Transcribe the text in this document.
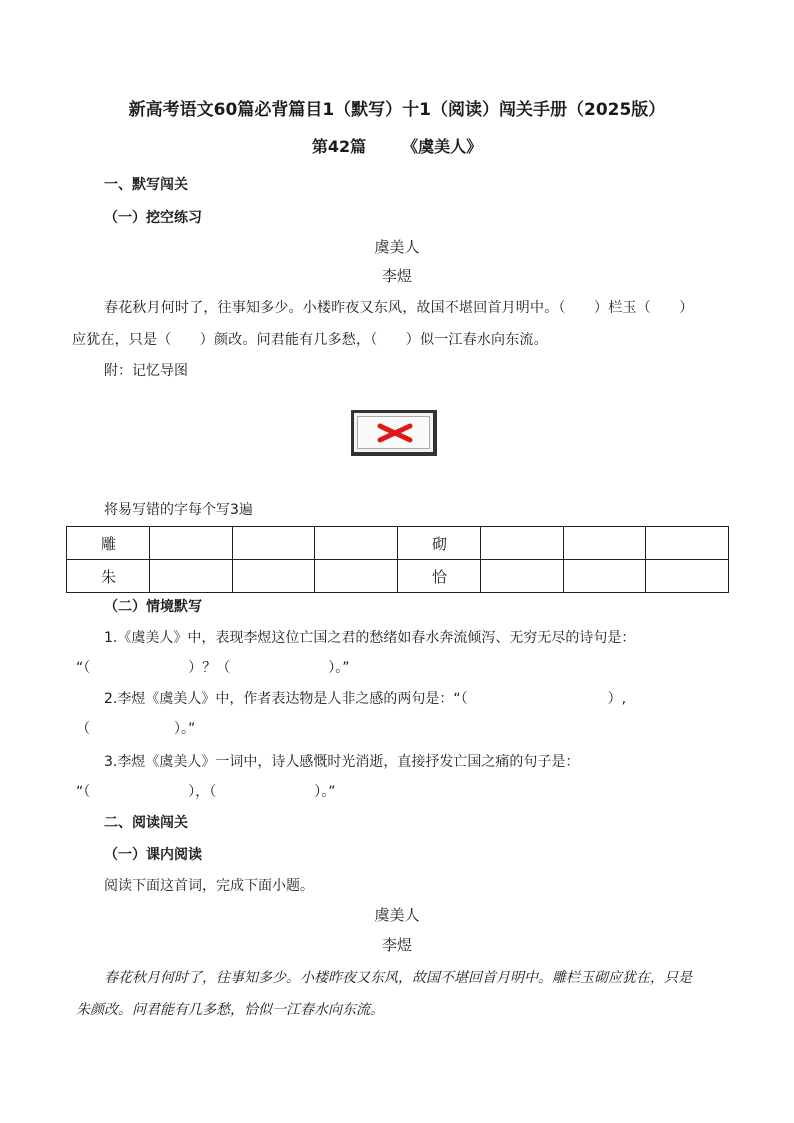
新高考语文60篇必背篇目1（默写）十1（阅读）闯关手册（2025版）
第42篇 《虞美人》
一、默写闯关
（一）挖空练习
虞美人
李煜
春花秋月何时了，往事知多少。小楼昨夜又东风，故国不堪回首月明中。（　　）栏玉（　　）
应犹在，只是（　　）颜改。问君能有几多愁，（　　）似一江春水向东流。
附：记忆导图
将易写错的字每个写3遍
雕				砌			
朱				恰			
（二）情境默写
1.《虞美人》中，表现李煜这位亡国之君的愁绪如春水奔流倾泻、无穷无尽的诗句是：
“（　　　　　　　）？（　　　　　　　）。”
2.李煜《虞美人》中，作者表达物是人非之感的两句是：“（　　　　　　　　　　）,
（　　　　　　）。”
3.李煜《虞美人》一词中，诗人感慨时光消逝，直接抒发亡国之痛的句子是：
“（　　　　　　　），（　　　　　　　）。”
二、阅读闯关
（一）课内阅读
阅读下面这首词，完成下面小题。
虞美人
李煜
春花秋月何时了，往事知多少。小楼昨夜又东风，故国不堪回首月明中。雕栏玉砌应犹在，只是
朱颜改。问君能有几多愁，恰似一江春水向东流。
